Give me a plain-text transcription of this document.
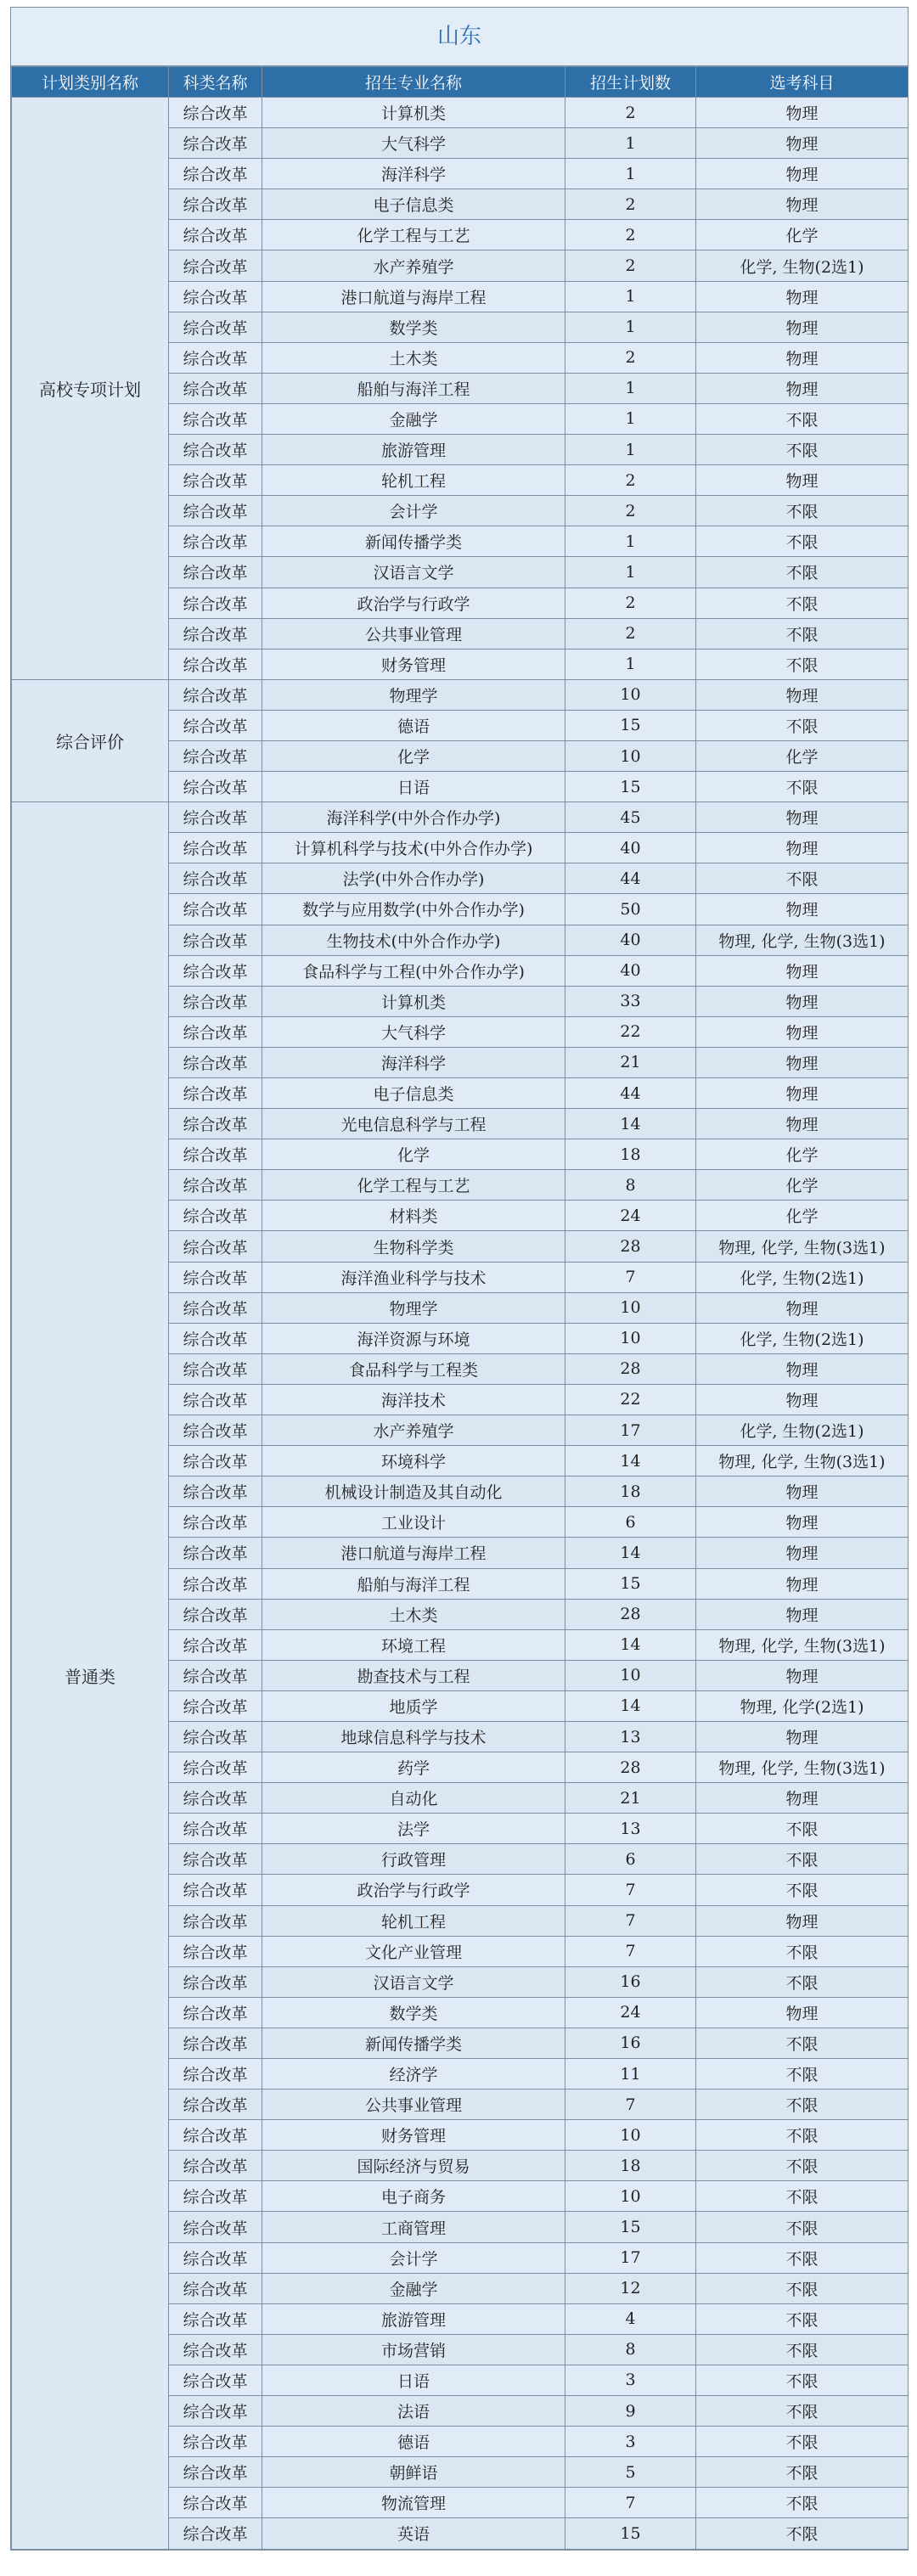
山东
计划类别名称	科类名称	招生专业名称	招生计划数	选考科目
高校专项计划	综合改革	计算机类	2	物理
	综合改革	大气科学	1	物理
	综合改革	海洋科学	1	物理
	综合改革	电子信息类	2	物理
	综合改革	化学工程与工艺	2	化学
	综合改革	水产养殖学	2	化学, 生物(2选1)
	综合改革	港口航道与海岸工程	1	物理
	综合改革	数学类	1	物理
	综合改革	土木类	2	物理
	综合改革	船舶与海洋工程	1	物理
	综合改革	金融学	1	不限
	综合改革	旅游管理	1	不限
	综合改革	轮机工程	2	物理
	综合改革	会计学	2	不限
	综合改革	新闻传播学类	1	不限
	综合改革	汉语言文学	1	不限
	综合改革	政治学与行政学	2	不限
	综合改革	公共事业管理	2	不限
	综合改革	财务管理	1	不限
综合评价	综合改革	物理学	10	物理
	综合改革	德语	15	不限
	综合改革	化学	10	化学
	综合改革	日语	15	不限
普通类	综合改革	海洋科学(中外合作办学)	45	物理
	综合改革	计算机科学与技术(中外合作办学)	40	物理
	综合改革	法学(中外合作办学)	44	不限
	综合改革	数学与应用数学(中外合作办学)	50	物理
	综合改革	生物技术(中外合作办学)	40	物理, 化学, 生物(3选1)
	综合改革	食品科学与工程(中外合作办学)	40	物理
	综合改革	计算机类	33	物理
	综合改革	大气科学	22	物理
	综合改革	海洋科学	21	物理
	综合改革	电子信息类	44	物理
	综合改革	光电信息科学与工程	14	物理
	综合改革	化学	18	化学
	综合改革	化学工程与工艺	8	化学
	综合改革	材料类	24	化学
	综合改革	生物科学类	28	物理, 化学, 生物(3选1)
	综合改革	海洋渔业科学与技术	7	化学, 生物(2选1)
	综合改革	物理学	10	物理
	综合改革	海洋资源与环境	10	化学, 生物(2选1)
	综合改革	食品科学与工程类	28	物理
	综合改革	海洋技术	22	物理
	综合改革	水产养殖学	17	化学, 生物(2选1)
	综合改革	环境科学	14	物理, 化学, 生物(3选1)
	综合改革	机械设计制造及其自动化	18	物理
	综合改革	工业设计	6	物理
	综合改革	港口航道与海岸工程	14	物理
	综合改革	船舶与海洋工程	15	物理
	综合改革	土木类	28	物理
	综合改革	环境工程	14	物理, 化学, 生物(3选1)
	综合改革	勘查技术与工程	10	物理
	综合改革	地质学	14	物理, 化学(2选1)
	综合改革	地球信息科学与技术	13	物理
	综合改革	药学	28	物理, 化学, 生物(3选1)
	综合改革	自动化	21	物理
	综合改革	法学	13	不限
	综合改革	行政管理	6	不限
	综合改革	政治学与行政学	7	不限
	综合改革	轮机工程	7	物理
	综合改革	文化产业管理	7	不限
	综合改革	汉语言文学	16	不限
	综合改革	数学类	24	物理
	综合改革	新闻传播学类	16	不限
	综合改革	经济学	11	不限
	综合改革	公共事业管理	7	不限
	综合改革	财务管理	10	不限
	综合改革	国际经济与贸易	18	不限
	综合改革	电子商务	10	不限
	综合改革	工商管理	15	不限
	综合改革	会计学	17	不限
	综合改革	金融学	12	不限
	综合改革	旅游管理	4	不限
	综合改革	市场营销	8	不限
	综合改革	日语	3	不限
	综合改革	法语	9	不限
	综合改革	德语	3	不限
	综合改革	朝鲜语	5	不限
	综合改革	物流管理	7	不限
	综合改革	英语	15	不限
